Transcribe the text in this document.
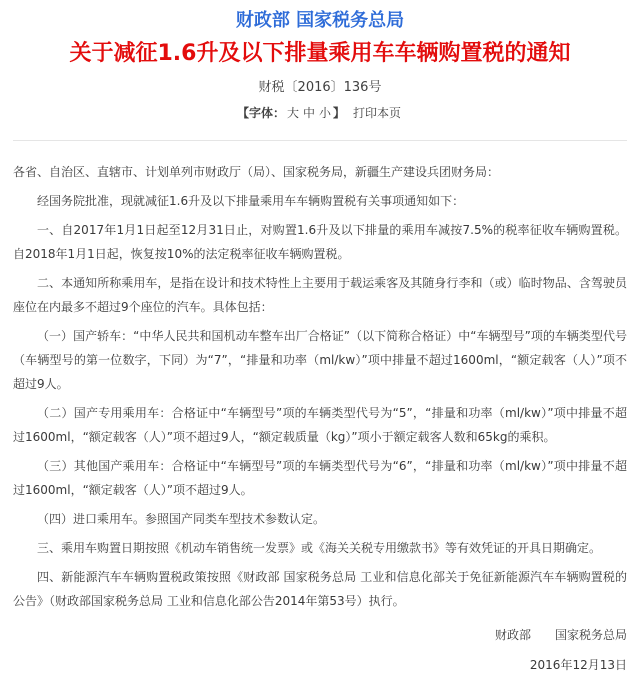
财政部 国家税务总局
关于减征1.6升及以下排量乘用车车辆购置税的通知
财税〔2016〕136号
【字体： 大 中 小 】 打印本页

各省、自治区、直辖市、计划单列市财政厅（局）、国家税务局，新疆生产建设兵团财务局：

经国务院批准，现就减征1.6升及以下排量乘用车车辆购置税有关事项通知如下：

一、自2017年1月1日起至12月31日止，对购置1.6升及以下排量的乘用车减按7.5%的税率征收车辆购置税。自2018年1月1日起，恢复按10%的法定税率征收车辆购置税。

二、本通知所称乘用车，是指在设计和技术特性上主要用于载运乘客及其随身行李和（或）临时物品、含驾驶员座位在内最多不超过9个座位的汽车。具体包括：

（一）国产轿车：“中华人民共和国机动车整车出厂合格证”（以下简称合格证）中“车辆型号”项的车辆类型代号（车辆型号的第一位数字，下同）为“7”，“排量和功率（ml/kw）”项中排量不超过1600ml，“额定载客（人）”项不超过9人。

（二）国产专用乘用车：合格证中“车辆型号”项的车辆类型代号为“5”，“排量和功率（ml/kw）”项中排量不超过1600ml，“额定载客（人）”项不超过9人，“额定载质量（kg）”项小于额定载客人数和65kg的乘积。

（三）其他国产乘用车：合格证中“车辆型号”项的车辆类型代号为“6”，“排量和功率（ml/kw）”项中排量不超过1600ml，“额定载客（人）”项不超过9人。

（四）进口乘用车。参照国产同类车型技术参数认定。

三、乘用车购置日期按照《机动车销售统一发票》或《海关关税专用缴款书》等有效凭证的开具日期确定。

四、新能源汽车车辆购置税政策按照《财政部 国家税务总局 工业和信息化部关于免征新能源汽车车辆购置税的公告》（财政部国家税务总局 工业和信息化部公告2014年第53号）执行。

财政部　　国家税务总局
2016年12月13日
